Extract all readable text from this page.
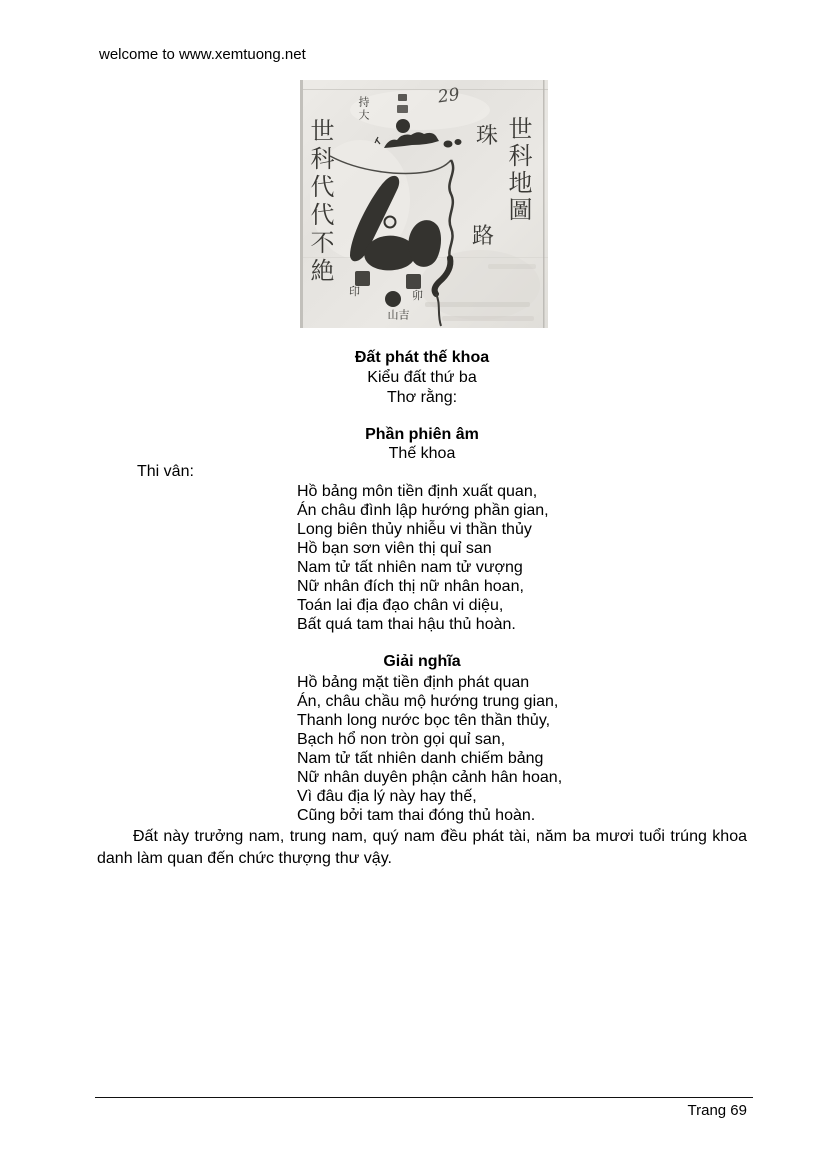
welcome to www.xemtuong.net
29
世科地圖
珠
路
世科代代不絶
持大
印	卯
吉山
Đất phát thế khoa
Kiểu đất thứ ba
Thơ rằng:
Phần phiên âm
Thế khoa
Thi vân:
Hồ bảng môn tiền định xuất quan,
Án châu đình lập hướng phần gian,
Long biên thủy nhiễu vi thần thủy
Hồ bạn sơn viên thị quỉ san
Nam tử tất nhiên nam tử vượng
Nữ nhân đích thị nữ nhân hoan,
Toán lai địa đạo chân vi diệu,
Bất quá tam thai hậu thủ hoàn.
Giải nghĩa
Hồ bảng mặt tiền định phát quan
Án, châu chầu mộ hướng trung gian,
Thanh long nước bọc tên thần thủy,
Bạch hổ non tròn gọi quỉ san,
Nam tử tất nhiên danh chiếm bảng
Nữ nhân duyên phận cảnh hân hoan,
Vì đâu địa lý này hay thế,
Cũng bởi tam thai đóng thủ hoàn.

Đất này trưởng nam, trung nam, quý nam đều phát tài, năm ba mươi tuổi trúng khoa danh làm quan đến chức thượng thư vậy.

Trang 69
